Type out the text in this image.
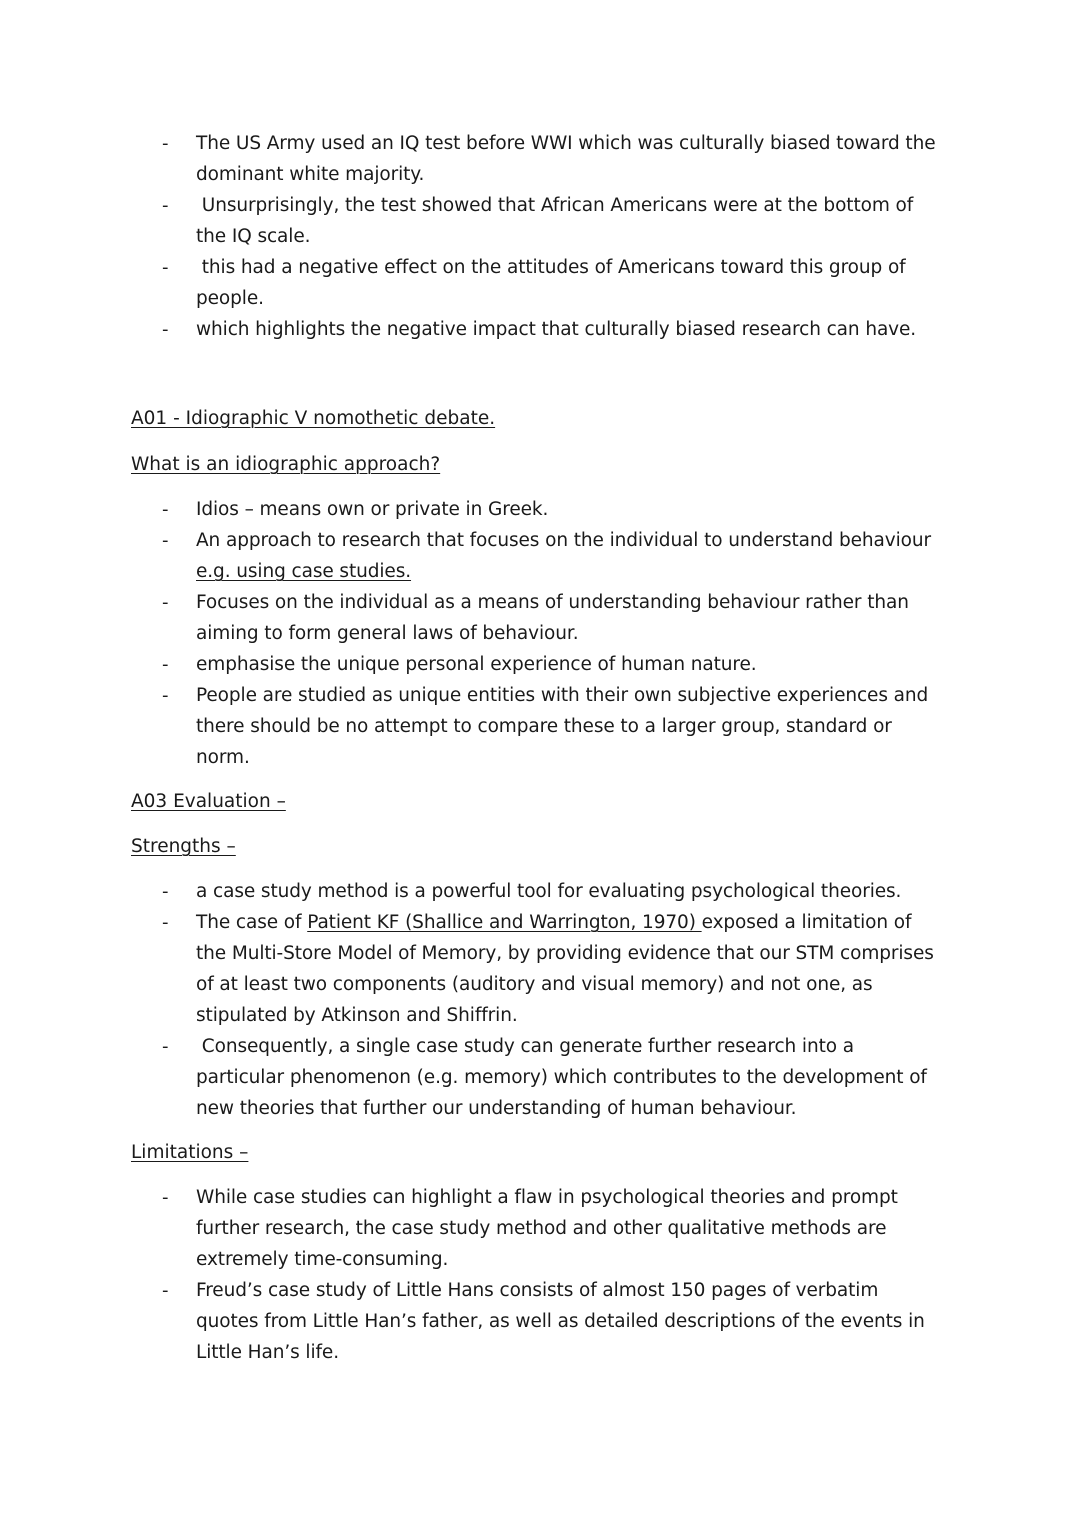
- The US Army used an IQ test before WWI which was culturally biased toward the dominant white majority.
- Unsurprisingly, the test showed that African Americans were at the bottom of the IQ scale.
- this had a negative effect on the attitudes of Americans toward this group of people.
- which highlights the negative impact that culturally biased research can have.
A01 - Idiographic V nomothetic debate.
What is an idiographic approach?
- Idios – means own or private in Greek.
- An approach to research that focuses on the individual to understand behaviour e.g. using case studies.
- Focuses on the individual as a means of understanding behaviour rather than aiming to form general laws of behaviour.
- emphasise the unique personal experience of human nature.
- People are studied as unique entities with their own subjective experiences and there should be no attempt to compare these to a larger group, standard or norm.
A03 Evaluation –
Strengths –
- a case study method is a powerful tool for evaluating psychological theories.
- The case of Patient KF (Shallice and Warrington, 1970) exposed a limitation of the Multi-Store Model of Memory, by providing evidence that our STM comprises of at least two components (auditory and visual memory) and not one, as stipulated by Atkinson and Shiffrin.
- Consequently, a single case study can generate further research into a particular phenomenon (e.g. memory) which contributes to the development of new theories that further our understanding of human behaviour.
Limitations –
- While case studies can highlight a flaw in psychological theories and prompt further research, the case study method and other qualitative methods are extremely time-consuming.
- Freud’s case study of Little Hans consists of almost 150 pages of verbatim quotes from Little Han’s father, as well as detailed descriptions of the events in Little Han’s life.
